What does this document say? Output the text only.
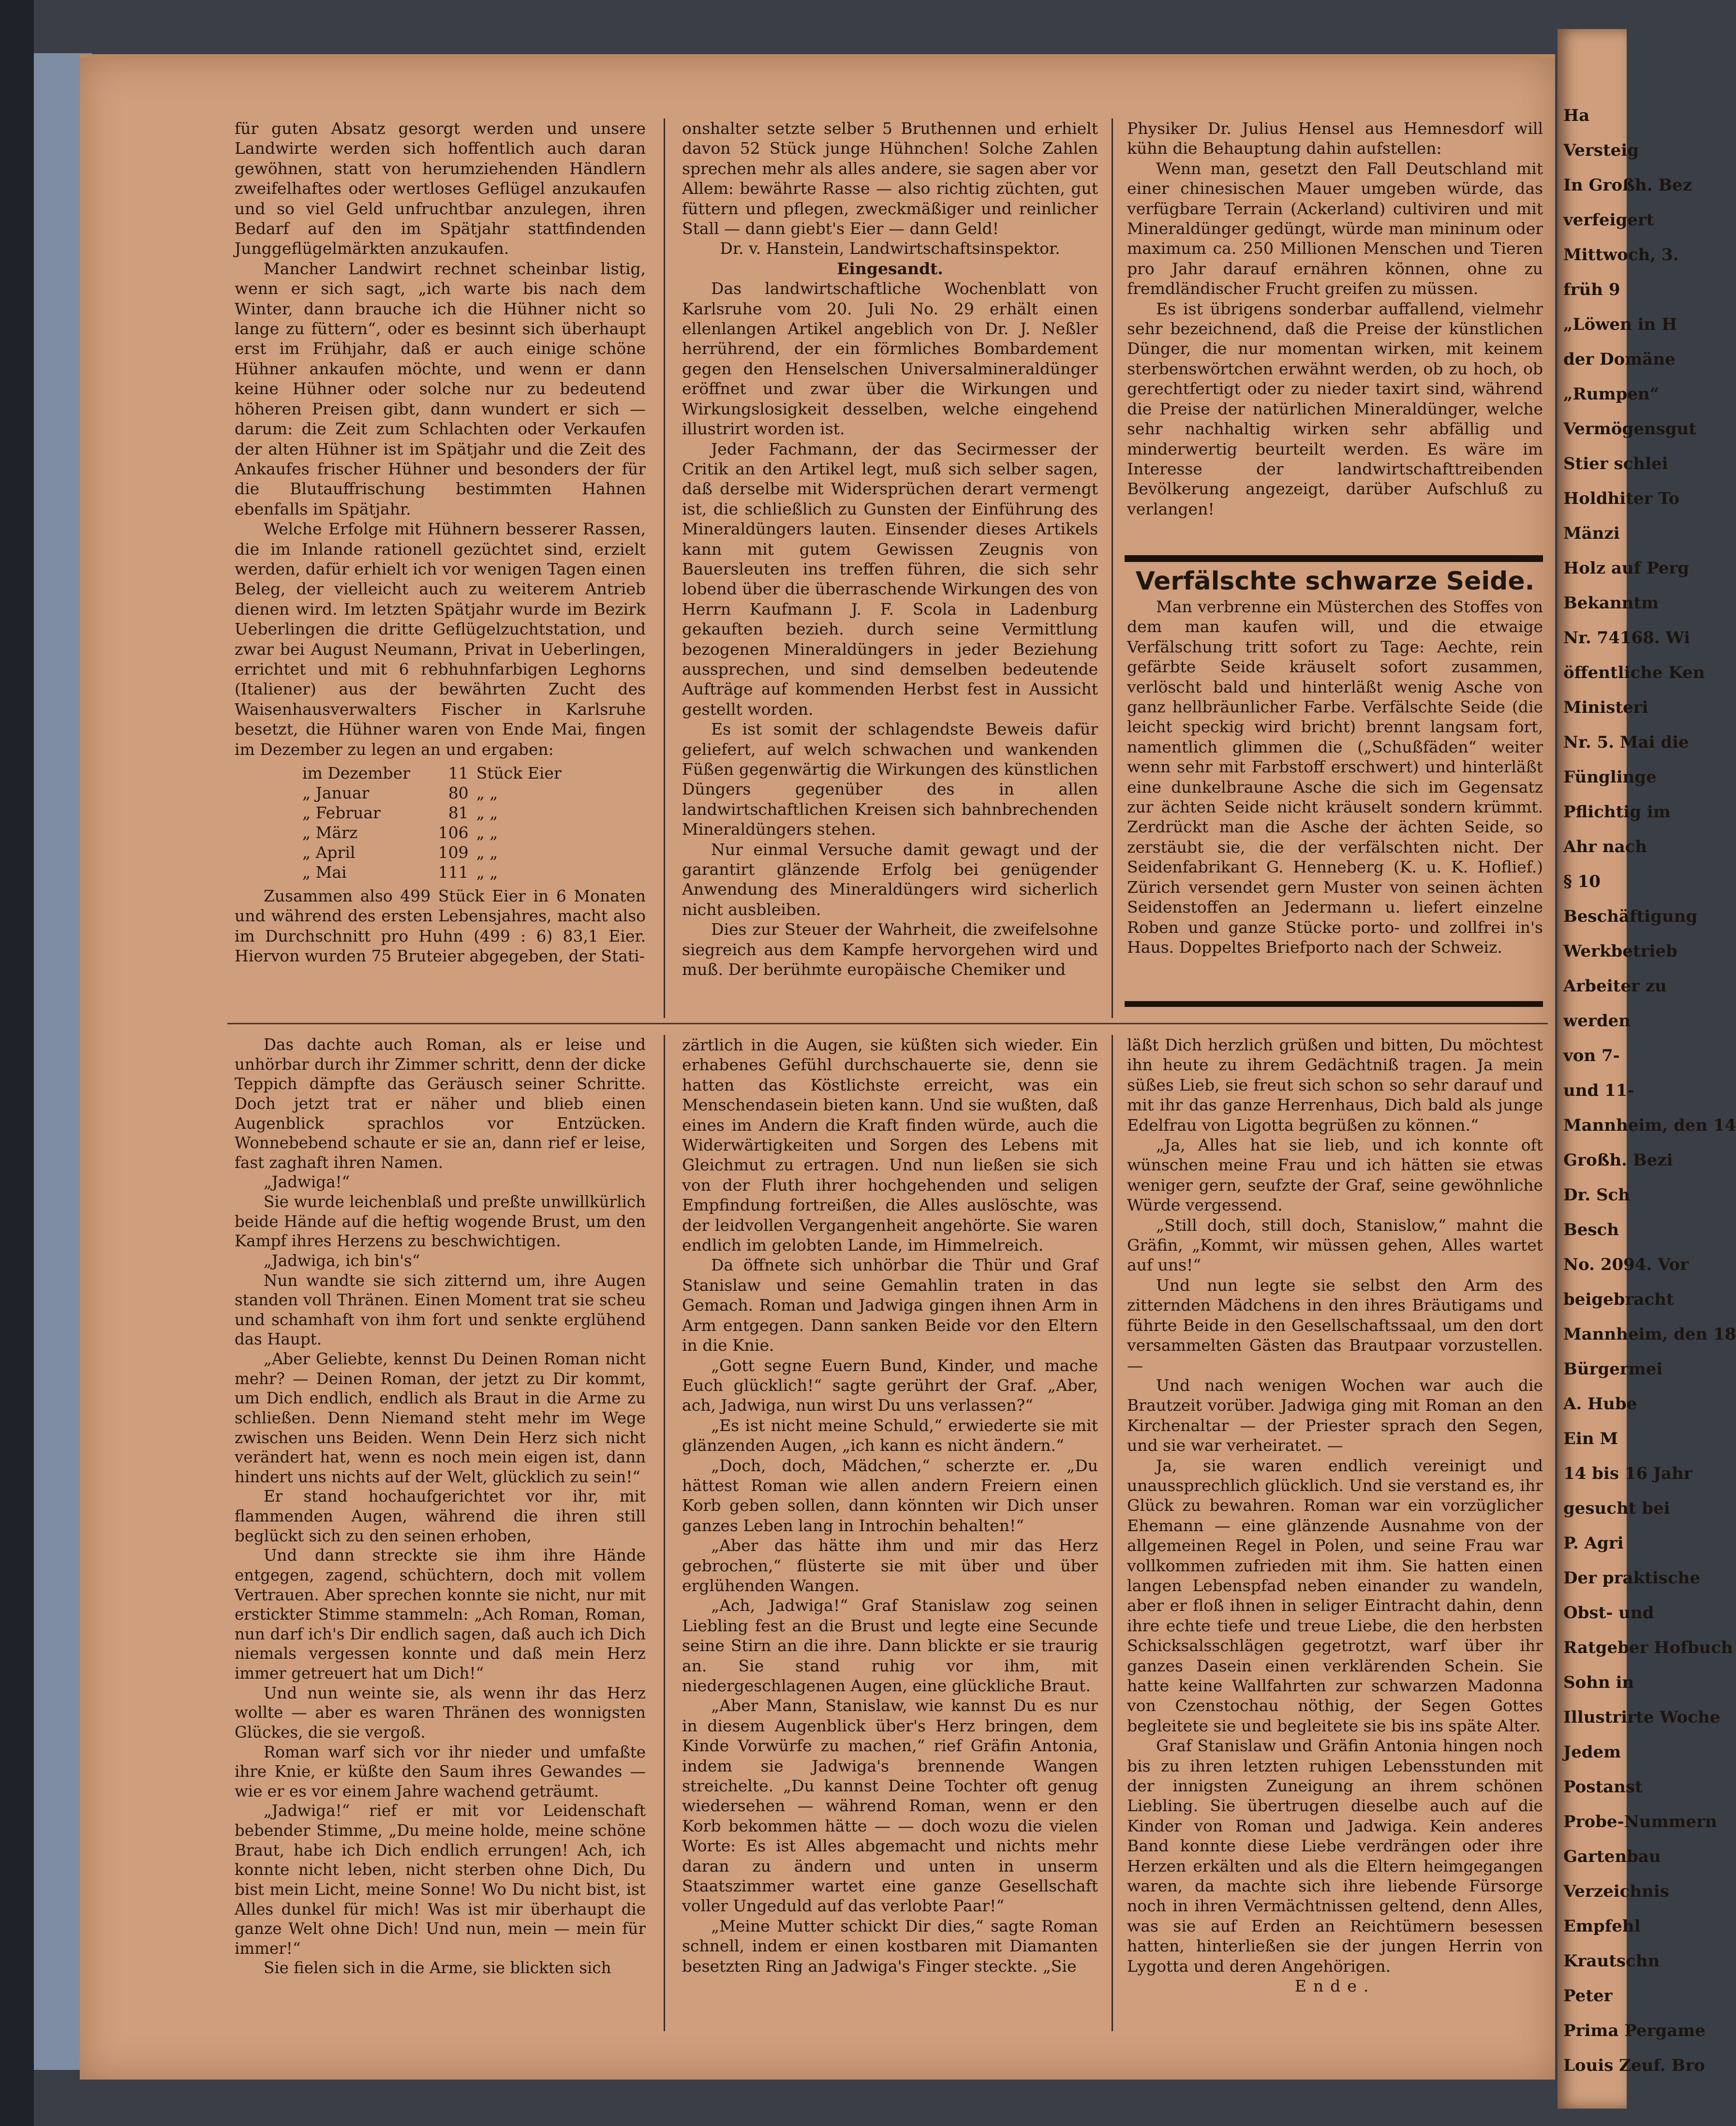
für guten Absatz gesorgt werden und unsere Landwirte werden sich hoffentlich auch daran gewöhnen, statt von herumziehenden Händlern zweifelhaftes oder wertloses Geflügel anzukaufen und so viel Geld unfruchtbar anzulegen, ihren Bedarf auf den im Spätjahr stattfindenden Junggeflügelmärkten anzukaufen.

Mancher Landwirt rechnet scheinbar listig, wenn er sich sagt, „ich warte bis nach dem Winter, dann brauche ich die Hühner nicht so lange zu füttern“, oder es besinnt sich überhaupt erst im Frühjahr, daß er auch einige schöne Hühner ankaufen möchte, und wenn er dann keine Hühner oder solche nur zu bedeutend höheren Preisen gibt, dann wundert er sich — darum: die Zeit zum Schlachten oder Verkaufen der alten Hühner ist im Spätjahr und die Zeit des Ankaufes frischer Hühner und besonders der für die Blutauffrischung bestimmten Hahnen ebenfalls im Spätjahr.

Welche Erfolge mit Hühnern besserer Rassen, die im Inlande rationell gezüchtet sind, erzielt werden, dafür erhielt ich vor wenigen Tagen einen Beleg, der vielleicht auch zu weiterem Antrieb dienen wird. Im letzten Spätjahr wurde im Bezirk Ueberlingen die dritte Geflügelzuchtstation, und zwar bei August Neumann, Privat in Ueberlingen, errichtet und mit 6 rebhuhnfarbigen Leghorns (Italiener) aus der bewährten Zucht des Waisenhausverwalters Fischer in Karlsruhe besetzt, die Hühner waren von Ende Mai, fingen im Dezember zu legen an und ergaben:

im Dezember	11	Stück Eier
„ Januar	80	„ „
„ Februar	81	„ „
„ März	106	„ „
„ April	109	„ „
„ Mai	111	„ „

Zusammen also 499 Stück Eier in 6 Monaten und während des ersten Lebensjahres, macht also im Durchschnitt pro Huhn (499 : 6) 83,1 Eier. Hiervon wurden 75 Bruteier abgegeben, der Stati-

onshalter setzte selber 5 Bruthennen und erhielt davon 52 Stück junge Hühnchen! Solche Zahlen sprechen mehr als alles andere, sie sagen aber vor Allem: bewährte Rasse — also richtig züchten, gut füttern und pflegen, zweckmäßiger und reinlicher Stall — dann giebt's Eier — dann Geld!

Dr. v. Hanstein, Landwirtschaftsinspektor.

Eingesandt.

Das landwirtschaftliche Wochenblatt von Karlsruhe vom 20. Juli No. 29 erhält einen ellenlangen Artikel angeblich von Dr. J. Neßler herrührend, der ein förmliches Bombardement gegen den Henselschen Universalmineraldünger eröffnet und zwar über die Wirkungen und Wirkungslosigkeit desselben, welche eingehend illustrirt worden ist.

Jeder Fachmann, der das Secirmesser der Critik an den Artikel legt, muß sich selber sagen, daß derselbe mit Widersprüchen derart vermengt ist, die schließlich zu Gunsten der Einführung des Mineraldüngers lauten. Einsender dieses Artikels kann mit gutem Gewissen Zeugnis von Bauersleuten ins treffen führen, die sich sehr lobend über die überraschende Wirkungen des von Herrn Kaufmann J. F. Scola in Ladenburg gekauften bezieh. durch seine Vermittlung bezogenen Mineraldüngers in jeder Beziehung aussprechen, und sind demselben bedeutende Aufträge auf kommenden Herbst fest in Aussicht gestellt worden.

Es ist somit der schlagendste Beweis dafür geliefert, auf welch schwachen und wankenden Füßen gegenwärtig die Wirkungen des künstlichen Düngers gegenüber des in allen landwirtschaftlichen Kreisen sich bahnbrechenden Mineraldüngers stehen.

Nur einmal Versuche damit gewagt und der garantirt glänzende Erfolg bei genügender Anwendung des Mineraldüngers wird sicherlich nicht ausbleiben.

Dies zur Steuer der Wahrheit, die zweifelsohne siegreich aus dem Kampfe hervorgehen wird und muß. Der berühmte europäische Chemiker und

Physiker Dr. Julius Hensel aus Hemnesdorf will kühn die Behauptung dahin aufstellen:

Wenn man, gesetzt den Fall Deutschland mit einer chinesischen Mauer umgeben würde, das verfügbare Terrain (Ackerland) cultiviren und mit Mineraldünger gedüngt, würde man mininum oder maximum ca. 250 Millionen Menschen und Tieren pro Jahr darauf ernähren können, ohne zu fremdländischer Frucht greifen zu müssen.

Es ist übrigens sonderbar auffallend, vielmehr sehr bezeichnend, daß die Preise der künstlichen Dünger, die nur momentan wirken, mit keinem sterbenswörtchen erwähnt werden, ob zu hoch, ob gerechtfertigt oder zu nieder taxirt sind, während die Preise der natürlichen Mineraldünger, welche sehr nachhaltig wirken sehr abfällig und minderwertig beurteilt werden. Es wäre im Interesse der landwirtschafttreibenden Bevölkerung angezeigt, darüber Aufschluß zu verlangen!

Verfälschte schwarze Seide.

Man verbrenne ein Müsterchen des Stoffes von dem man kaufen will, und die etwaige Verfälschung tritt sofort zu Tage: Aechte, rein gefärbte Seide kräuselt sofort zusammen, verlöscht bald und hinterläßt wenig Asche von ganz hellbräunlicher Farbe. Verfälschte Seide (die leicht speckig wird bricht) brennt langsam fort, namentlich glimmen die („Schußfäden“ weiter wenn sehr mit Farbstoff erschwert) und hinterläßt eine dunkelbraune Asche die sich im Gegensatz zur ächten Seide nicht kräuselt sondern krümmt. Zerdrückt man die Asche der ächten Seide, so zerstäubt sie, die der verfälschten nicht. Der Seidenfabrikant G. Henneberg (K. u. K. Hoflief.) Zürich versendet gern Muster von seinen ächten Seidenstoffen an Jedermann u. liefert einzelne Roben und ganze Stücke porto- und zollfrei in's Haus. Doppeltes Briefporto nach der Schweiz.

Das dachte auch Roman, als er leise und unhörbar durch ihr Zimmer schritt, denn der dicke Teppich dämpfte das Geräusch seiner Schritte. Doch jetzt trat er näher und blieb einen Augenblick sprachlos vor Entzücken. Wonnebebend schaute er sie an, dann rief er leise, fast zaghaft ihren Namen.

„Jadwiga!“

Sie wurde leichenblaß und preßte unwillkürlich beide Hände auf die heftig wogende Brust, um den Kampf ihres Herzens zu beschwichtigen.

„Jadwiga, ich bin's“

Nun wandte sie sich zitternd um, ihre Augen standen voll Thränen. Einen Moment trat sie scheu und schamhaft von ihm fort und senkte erglühend das Haupt.

„Aber Geliebte, kennst Du Deinen Roman nicht mehr? — Deinen Roman, der jetzt zu Dir kommt, um Dich endlich, endlich als Braut in die Arme zu schließen. Denn Niemand steht mehr im Wege zwischen uns Beiden. Wenn Dein Herz sich nicht verändert hat, wenn es noch mein eigen ist, dann hindert uns nichts auf der Welt, glücklich zu sein!“

Er stand hochaufgerichtet vor ihr, mit flammenden Augen, während die ihren still beglückt sich zu den seinen erhoben,

Und dann streckte sie ihm ihre Hände entgegen, zagend, schüchtern, doch mit vollem Vertrauen. Aber sprechen konnte sie nicht, nur mit erstickter Stimme stammeln: „Ach Roman, Roman, nun darf ich's Dir endlich sagen, daß auch ich Dich niemals vergessen konnte und daß mein Herz immer getreuert hat um Dich!“

Und nun weinte sie, als wenn ihr das Herz wollte — aber es waren Thränen des wonnigsten Glückes, die sie vergoß.

Roman warf sich vor ihr nieder und umfaßte ihre Knie, er küßte den Saum ihres Gewandes — wie er es vor einem Jahre wachend geträumt.

„Jadwiga!“ rief er mit vor Leidenschaft bebender Stimme, „Du meine holde, meine schöne Braut, habe ich Dich endlich errungen! Ach, ich konnte nicht leben, nicht sterben ohne Dich, Du bist mein Licht, meine Sonne! Wo Du nicht bist, ist Alles dunkel für mich! Was ist mir überhaupt die ganze Welt ohne Dich! Und nun, mein — mein für immer!“

Sie fielen sich in die Arme, sie blickten sich

zärtlich in die Augen, sie küßten sich wieder. Ein erhabenes Gefühl durchschauerte sie, denn sie hatten das Köstlichste erreicht, was ein Menschendasein bieten kann. Und sie wußten, daß eines im Andern die Kraft finden würde, auch die Widerwärtigkeiten und Sorgen des Lebens mit Gleichmut zu ertragen. Und nun ließen sie sich von der Fluth ihrer hochgehenden und seligen Empfindung fortreißen, die Alles auslöschte, was der leidvollen Vergangenheit angehörte. Sie waren endlich im gelobten Lande, im Himmelreich.

Da öffnete sich unhörbar die Thür und Graf Stanislaw und seine Gemahlin traten in das Gemach. Roman und Jadwiga gingen ihnen Arm in Arm entgegen. Dann sanken Beide vor den Eltern in die Knie.

„Gott segne Euern Bund, Kinder, und mache Euch glücklich!“ sagte gerührt der Graf. „Aber, ach, Jadwiga, nun wirst Du uns verlassen?“

„Es ist nicht meine Schuld,“ erwiederte sie mit glänzenden Augen, „ich kann es nicht ändern.“

„Doch, doch, Mädchen,“ scherzte er. „Du hättest Roman wie allen andern Freiern einen Korb geben sollen, dann könnten wir Dich unser ganzes Leben lang in Introchin behalten!“

„Aber das hätte ihm und mir das Herz gebrochen,“ flüsterte sie mit über und über erglühenden Wangen.

„Ach, Jadwiga!“ Graf Stanislaw zog seinen Liebling fest an die Brust und legte eine Secunde seine Stirn an die ihre. Dann blickte er sie traurig an. Sie stand ruhig vor ihm, mit niedergeschlagenen Augen, eine glückliche Braut.

„Aber Mann, Stanislaw, wie kannst Du es nur in diesem Augenblick über's Herz bringen, dem Kinde Vorwürfe zu machen,“ rief Gräfin Antonia, indem sie Jadwiga's brennende Wangen streichelte. „Du kannst Deine Tochter oft genug wiedersehen — während Roman, wenn er den Korb bekommen hätte — — doch wozu die vielen Worte: Es ist Alles abgemacht und nichts mehr daran zu ändern und unten in unserm Staatszimmer wartet eine ganze Gesellschaft voller Ungeduld auf das verlobte Paar!“

„Meine Mutter schickt Dir dies,“ sagte Roman schnell, indem er einen kostbaren mit Diamanten besetzten Ring an Jadwiga's Finger steckte. „Sie

läßt Dich herzlich grüßen und bitten, Du möchtest ihn heute zu ihrem Gedächtniß tragen. Ja mein süßes Lieb, sie freut sich schon so sehr darauf und mit ihr das ganze Herrenhaus, Dich bald als junge Edelfrau von Ligotta begrüßen zu können.“

„Ja, Alles hat sie lieb, und ich konnte oft wünschen meine Frau und ich hätten sie etwas weniger gern, seufzte der Graf, seine gewöhnliche Würde vergessend.

„Still doch, still doch, Stanislow,“ mahnt die Gräfin, „Kommt, wir müssen gehen, Alles wartet auf uns!“

Und nun legte sie selbst den Arm des zitternden Mädchens in den ihres Bräutigams und führte Beide in den Gesellschaftssaal, um den dort versammelten Gästen das Brautpaar vorzustellen. —

Und nach wenigen Wochen war auch die Brautzeit vorüber. Jadwiga ging mit Roman an den Kirchenaltar — der Priester sprach den Segen, und sie war verheiratet. —

Ja, sie waren endlich vereinigt und unaussprechlich glücklich. Und sie verstand es, ihr Glück zu bewahren. Roman war ein vorzüglicher Ehemann — eine glänzende Ausnahme von der allgemeinen Regel in Polen, und seine Frau war vollkommen zufrieden mit ihm. Sie hatten einen langen Lebenspfad neben einander zu wandeln, aber er floß ihnen in seliger Eintracht dahin, denn ihre echte tiefe und treue Liebe, die den herbsten Schicksalsschlägen gegetrotzt, warf über ihr ganzes Dasein einen verklärenden Schein. Sie hatte keine Wallfahrten zur schwarzen Madonna von Czenstochau nöthig, der Segen Gottes begleitete sie und begleitete sie bis ins späte Alter.

Graf Stanislaw und Gräfin Antonia hingen noch bis zu ihren letzten ruhigen Lebensstunden mit der innigsten Zuneigung an ihrem schönen Liebling. Sie übertrugen dieselbe auch auf die Kinder von Roman und Jadwiga. Kein anderes Band konnte diese Liebe verdrängen oder ihre Herzen erkälten und als die Eltern heimgegangen waren, da machte sich ihre liebende Fürsorge noch in ihren Vermächtnissen geltend, denn Alles, was sie auf Erden an Reichtümern besessen hatten, hinterließen sie der jungen Herrin von Lygotta und deren Angehörigen.

Ende.

Ha
Versteig
In Großh. Bez
verfeigert
Mittwoch, 3.
früh 9
„Löwen in H
der Domäne
„Rumpen“
Vermögensgut
Stier schlei
Holdhiter To
Mänzi
Holz auf Perg
Bekanntm
Nr. 74168. Wi
öffentliche Ken
Ministeri
Nr. 5. Mai die
Fünglinge
Pflichtig im
Ahr nach
§ 10
Beschäftigung
Werkbetrieb
Arbeiter zu
werden
von 7-
und 11-
Mannheim, den 14
Großh. Bezi
Dr. Sch
Besch
No. 2094. Vor
beigebracht
Mannheim, den 18
Bürgermei
A. Hube
Ein M
14 bis 16 Jahr
gesucht bei
P. Agri
Der praktische
Obst- und
Ratgeber Hofbuch
Sohn in
Illustrirte Woche
Jedem
Postanst
Probe-Nummern
Gartenbau
Verzeichnis
Empfehl
Krautschn
Peter
Prima Pergame
Louis Zeuf. Bro
